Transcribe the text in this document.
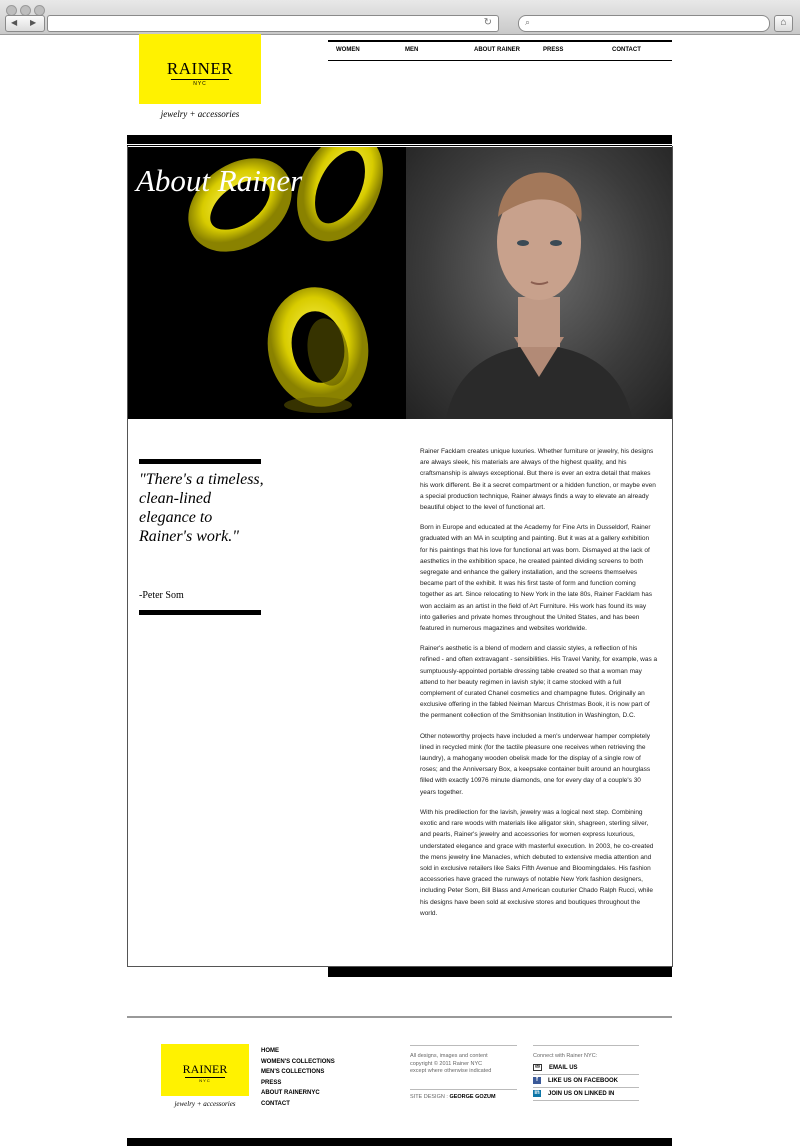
◀ ▶	↻	⌕	⌂
RAINER
NYC
jewelry + accessories
WOMEN	MEN	ABOUT RAINER	PRESS	CONTACT
About Rainer
"There's a timeless, clean-lined elegance to Rainer's work."
-Peter Som

Rainer Facklam creates unique luxuries. Whether furniture or jewelry, his designs are always sleek, his materials are always of the highest quality, and his craftsmanship is always exceptional. But there is ever an extra detail that makes his work different. Be it a secret compartment or a hidden function, or maybe even a special production technique, Rainer always finds a way to elevate an already beautiful object to the level of functional art.

Born in Europe and educated at the Academy for Fine Arts in Dusseldorf, Rainer graduated with an MA in sculpting and painting. But it was at a gallery exhibition for his paintings that his love for functional art was born. Dismayed at the lack of aesthetics in the exhibition space, he created painted dividing screens to both segregate and enhance the gallery installation, and the screens themselves became part of the exhibit. It was his first taste of form and function coming together as art. Since relocating to New York in the late 80s, Rainer Facklam has won acclaim as an artist in the field of Art Furniture. His work has found its way into galleries and private homes throughout the United States, and has been featured in numerous magazines and websites worldwide.

Rainer's aesthetic is a blend of modern and classic styles, a reflection of his refined - and often extravagant - sensibilities. His Travel Vanity, for example, was a sumptuously-appointed portable dressing table created so that a woman may attend to her beauty regimen in lavish style; it came stocked with a full complement of curated Chanel cosmetics and champagne flutes. Originally an exclusive offering in the fabled Neiman Marcus Christmas Book, it is now part of the permanent collection of the Smithsonian Institution in Washington, D.C.

Other noteworthy projects have included a men's underwear hamper completely lined in recycled mink (for the tactile pleasure one receives when retrieving the laundry), a mahogany wooden obelisk made for the display of a single row of roses; and the Anniversary Box, a keepsake container built around an hourglass filled with exactly 10976 minute diamonds, one for every day of a couple's 30 years together.

With his predilection for the lavish, jewelry was a logical next step. Combining exotic and rare woods with materials like alligator skin, shagreen, sterling silver, and pearls, Rainer's jewelry and accessories for women express luxurious, understated elegance and grace with masterful execution. In 2003, he co-created the mens jewelry line Manacles, which debuted to extensive media attention and sold in exclusive retailers like Saks Fifth Avenue and Bloomingdales. His fashion accessories have graced the runways of notable New York fashion designers, including Peter Som, Bill Blass and American couturier Chado Ralph Rucci, while his designs have been sold at exclusive stores and boutiques throughout the world.

RAINER
NYC
jewelry + accessories
HOME
WOMEN'S COLLECTIONS
MEN'S COLLECTIONS
PRESS
ABOUT RAINERNYC
CONTACT
All designs, images and content
copyright © 2011 Rainer NYC
except where otherwise indicated
SITE DESIGN : GEORGE GOZUM
Connect with Rainer NYC:
✉ EMAIL US
f LIKE US ON FACEBOOK
in JOIN US ON LINKED IN
